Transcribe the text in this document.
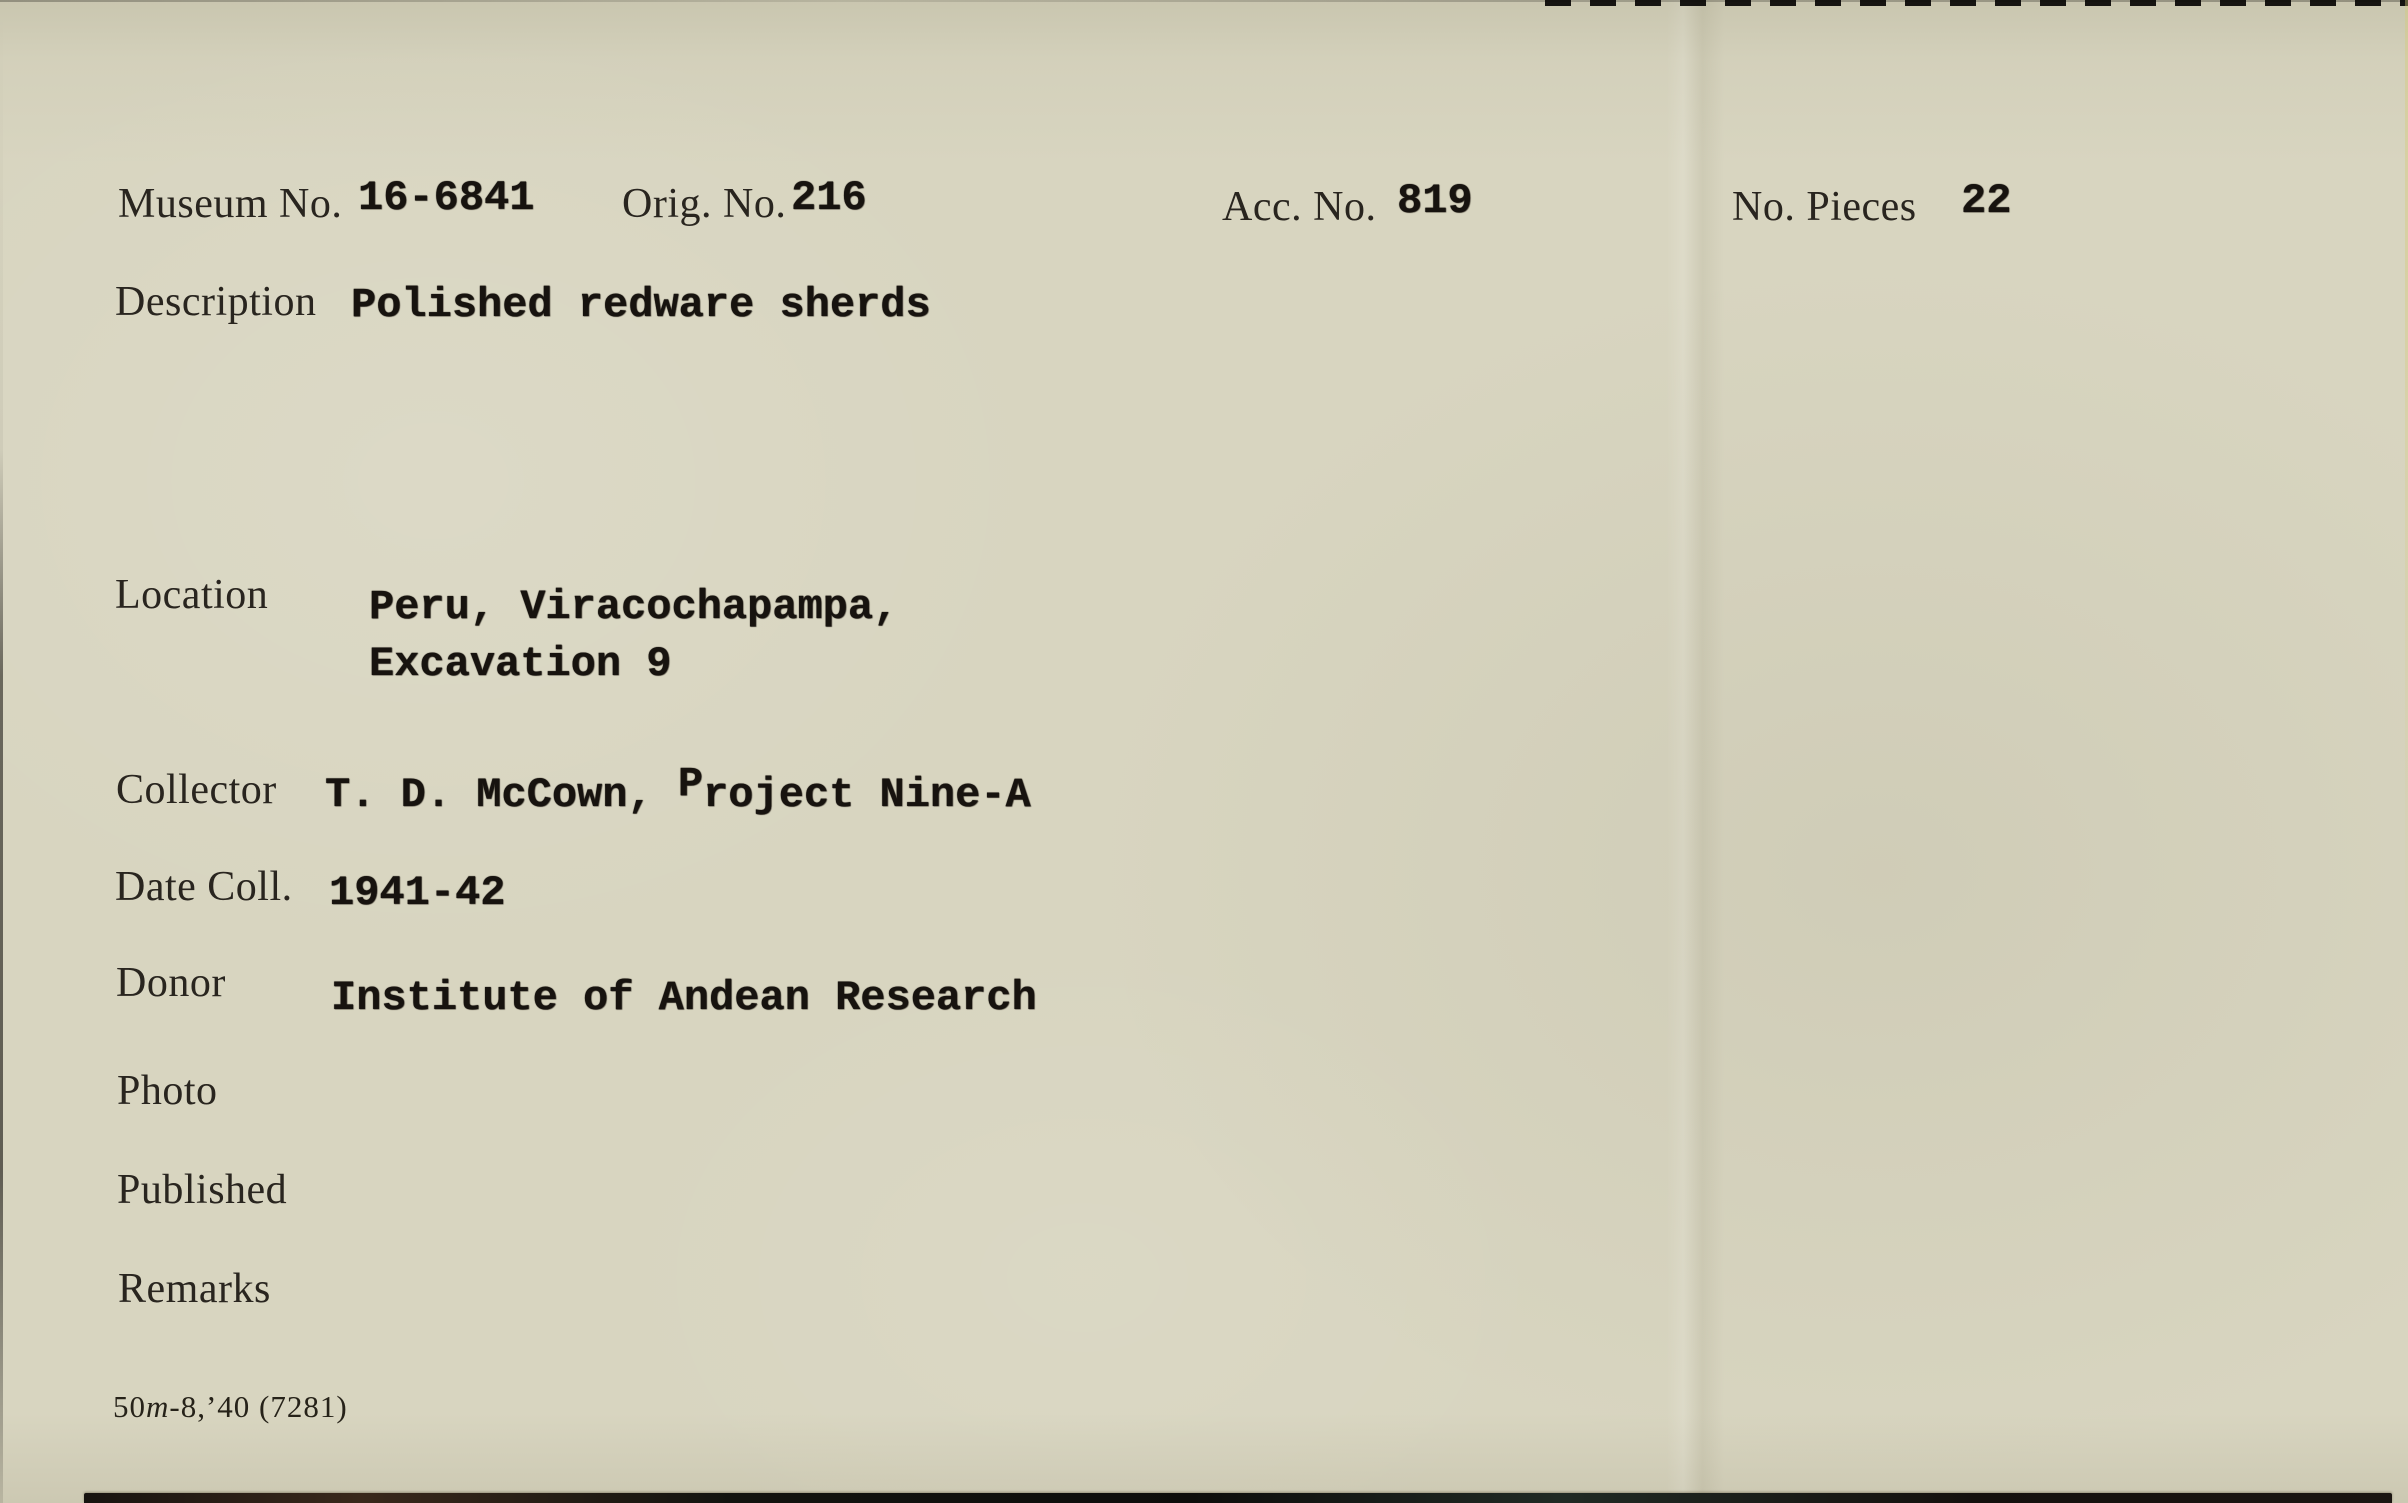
Museum No. 16-6841 Orig. No. 216	Acc. No. 819	No. Pieces 22
Description Polished redware sherds
Location Peru, Viracochapampa,
Excavation 9
Collector T. D. McCown, Project Nine-A
Date Coll. 1941-42
Donor	Institute of Andean Research
Photo
Published
Remarks
50m-8,’40 (7281)
